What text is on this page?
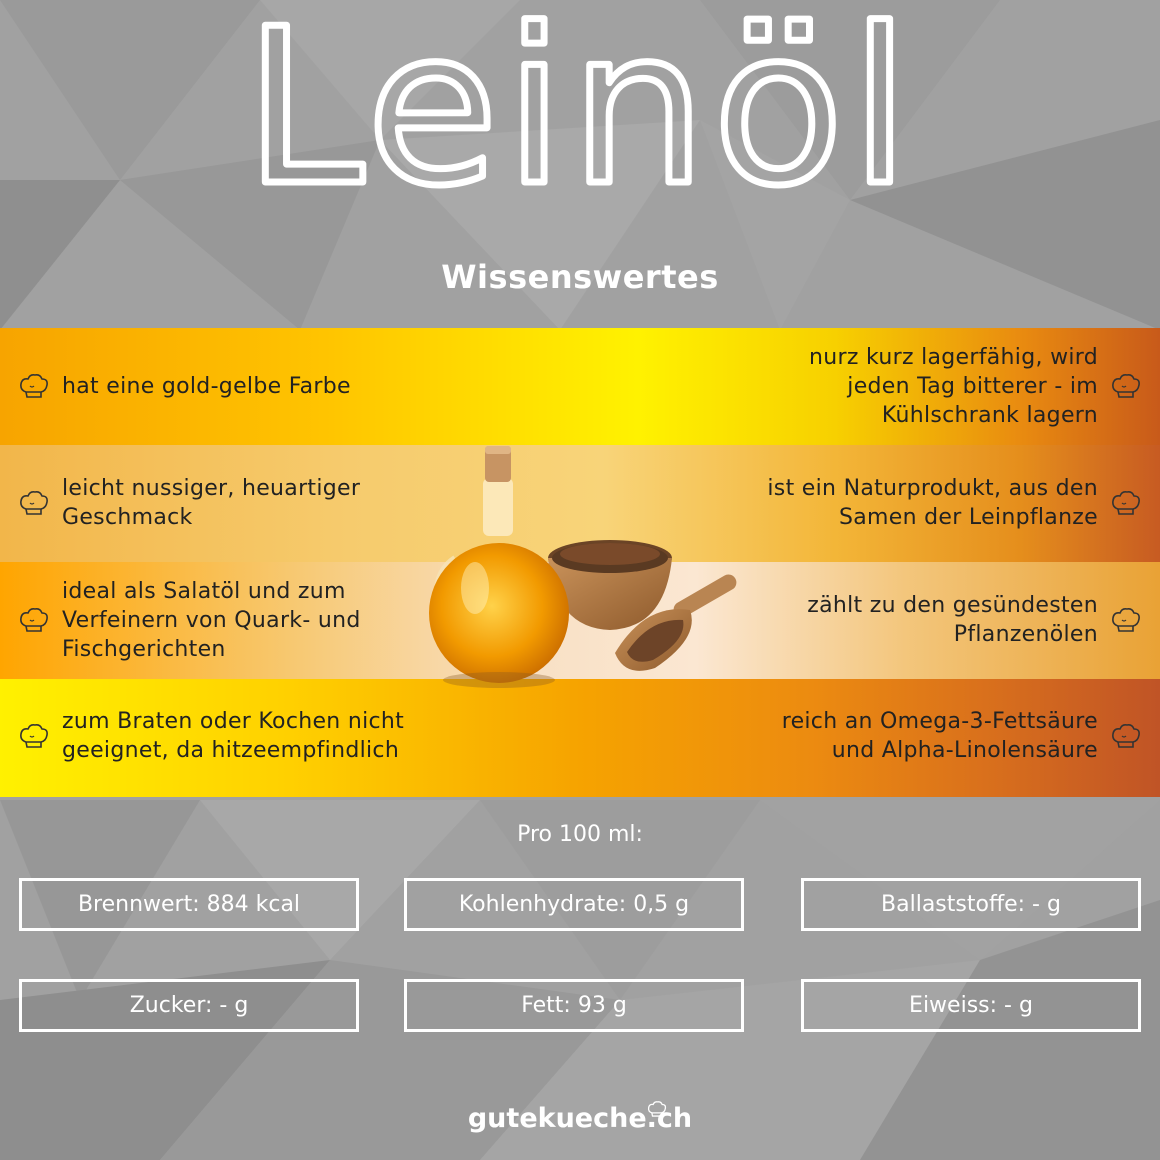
Leinöl
Wissenswertes
hat eine gold-gelbe Farbe
leicht nussiger, heuartiger
Geschmack
ideal als Salatöl und zum
Verfeinern von Quark- und
Fischgerichten
zum Braten oder Kochen nicht
geeignet, da hitzeempfindlich
nurz kurz lagerfähig, wird
jeden Tag bitterer - im
Kühlschrank lagern
ist ein Naturprodukt, aus den
Samen der Leinpflanze
zählt zu den gesündesten
Pflanzenölen
reich an Omega-3-Fettsäure
und Alpha-Linolensäure
Pro 100 ml:
Brennwert: 884 kcal	Kohlenhydrate: 0,5 g	Ballaststoffe: - g
Zucker: - g	Fett: 93 g	Eiweiss: - g
gutekueche.ch
